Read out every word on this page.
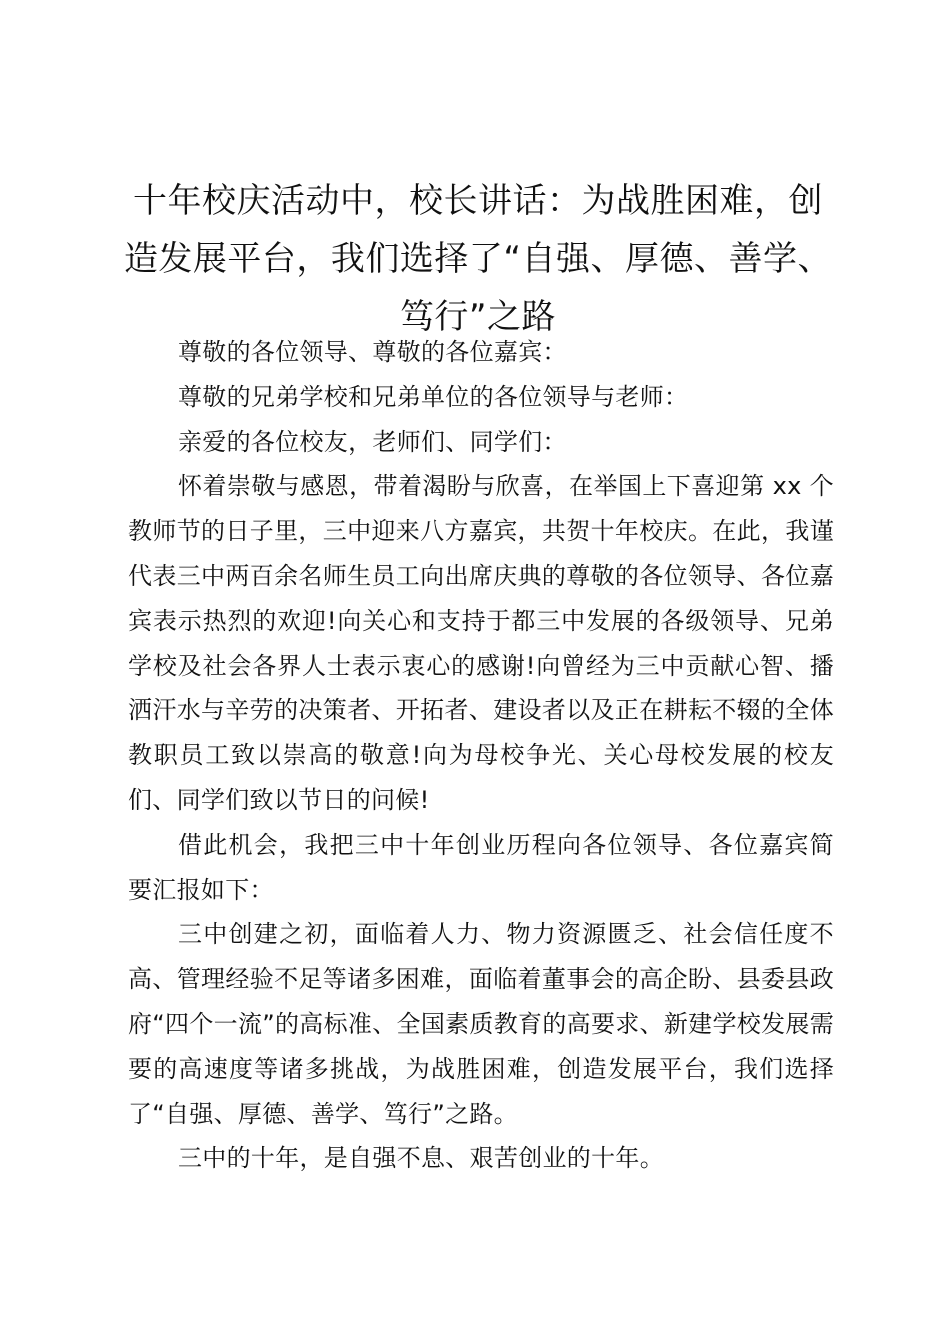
十年校庆活动中，校长讲话：为战胜困难，创造发展平台，我们选择了“自强、厚德、善学、笃行”之路

尊敬的各位领导、尊敬的各位嘉宾：

尊敬的兄弟学校和兄弟单位的各位领导与老师：

亲爱的各位校友，老师们、同学们：

怀着崇敬与感恩，带着渴盼与欣喜，在举国上下喜迎第 xx 个教师节的日子里，三中迎来八方嘉宾，共贺十年校庆。在此，我谨代表三中两百余名师生员工向出席庆典的尊敬的各位领导、各位嘉宾表示热烈的欢迎!向关心和支持于都三中发展的各级领导、兄弟学校及社会各界人士表示衷心的感谢!向曾经为三中贡献心智、播洒汗水与辛劳的决策者、开拓者、建设者以及正在耕耘不辍的全体教职员工致以崇高的敬意!向为母校争光、关心母校发展的校友们、同学们致以节日的问候!

借此机会，我把三中十年创业历程向各位领导、各位嘉宾简要汇报如下：

三中创建之初，面临着人力、物力资源匮乏、社会信任度不高、管理经验不足等诸多困难，面临着董事会的高企盼、县委县政府“四个一流”的高标准、全国素质教育的高要求、新建学校发展需要的高速度等诸多挑战，为战胜困难，创造发展平台，我们选择了“自强、厚德、善学、笃行”之路。

三中的十年，是自强不息、艰苦创业的十年。
